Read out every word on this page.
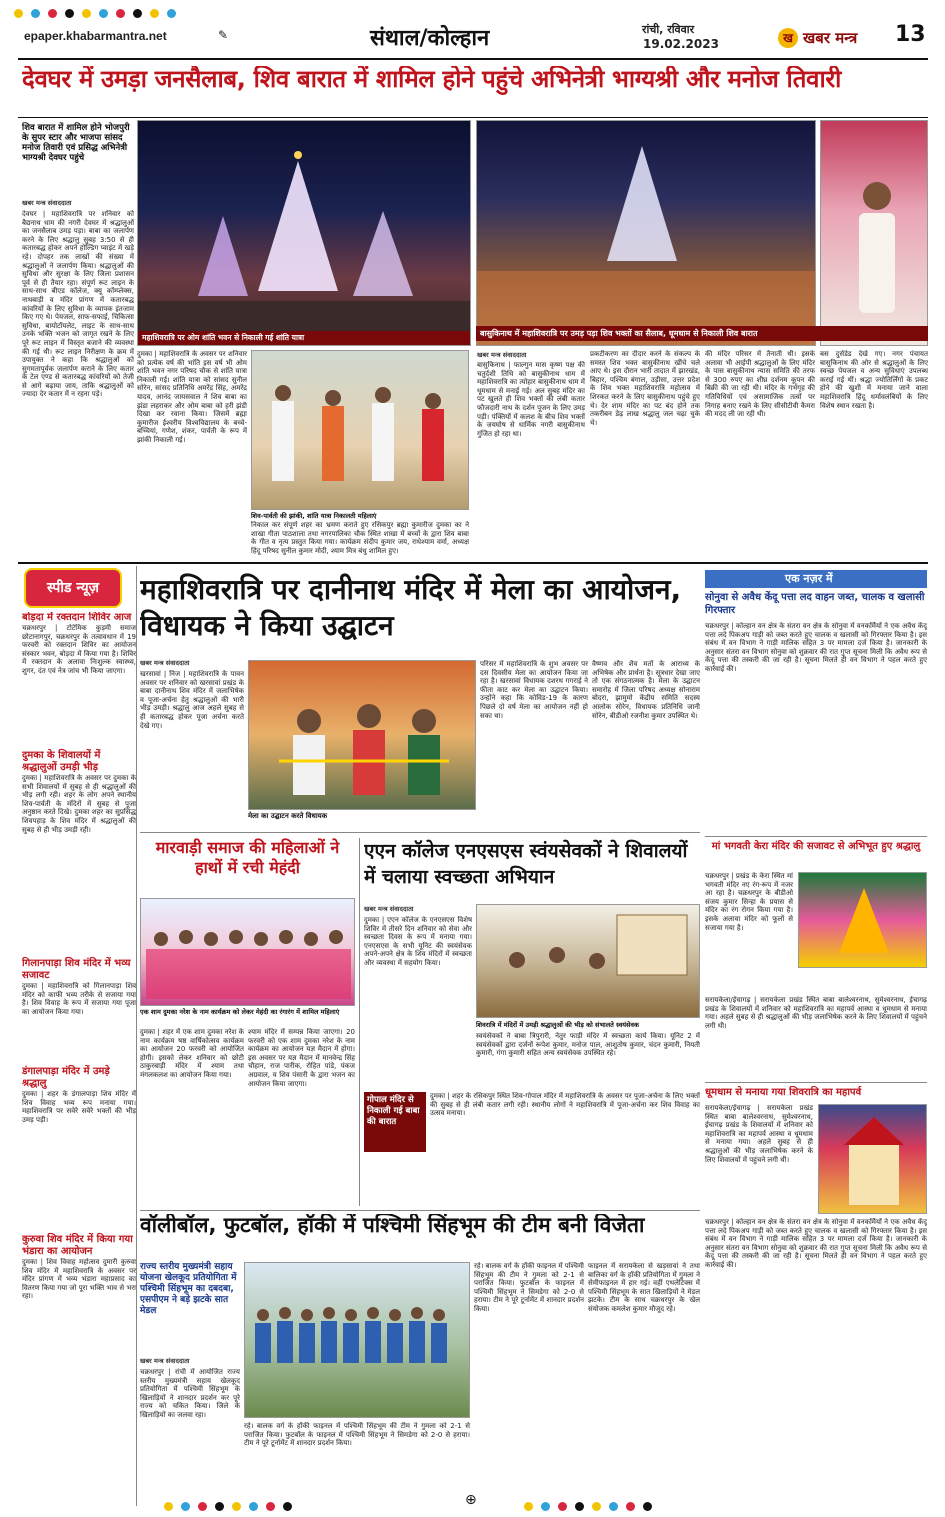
epaper.khabarmantra.net	✎	संथाल/कोल्हान	रांची, रविवार
19.02.2023	ख खबर मन्त्र 13
देवघर में उमड़ा जनसैलाब, शिव बारात में शामिल होने पहुंचे अभिनेत्री भाग्यश्री और मनोज तिवारी
शिव बारात में शामिल होने भोजपुरी के सुपर स्टार और भाजपा सांसद मनोज तिवारी एवं प्रसिद्ध अभिनेत्री भाग्यश्री देवघर पहुंचे
खबर मन्त्र संवाददाता
देवघर | महाशिवरात्रि पर शनिवार को बैद्यनाथ धाम की नगरी देवघर में श्रद्धालुओं का जनसैलाब उमड़ पड़ा। बाबा का जलार्पण करने के लिए श्रद्धालु सुबह 3:50 से ही कतारबद्ध होकर अपने होल्डिंग प्वाइंट में खड़े रहे। दोपहर तक लाखों की संख्या में श्रद्धालुओं ने जलार्पण किया। श्रद्धालुओं की सुविधा और सुरक्षा के लिए जिला प्रशासन पूर्व से ही तैयार रहा। संपूर्ण रूट लाइन के साथ-साथ बीएड कॉलेज, क्यू कॉम्प्लेक्स, नाथबाड़ी व मंदिर प्रांगण में कतारबद्ध कांवरियों के लिए सुविधा के व्यापक इंतजाम किए गए थे। पेयजल, साफ-सफाई, चिकित्सा सुविधा, बायोटॉयलेट, लाइट के साथ-साथ उनके भक्ति भजन को जागृत रखने के लिए पूरे रूट लाइन में विस्तृत बजाने की व्यवस्था की गई थी। रूट लाइन निरीक्षण के क्रम में उपायुक्त ने कहा कि श्रद्धालुओं को सुगमतापूर्वक जलार्पण कराने के लिए कतार के टेल एण्ड से कतारबद्ध कांवरियों को तेजी से आगे बढ़ाया जाय, ताकि श्रद्धालुओं को ज्यादा देर कतार में न रहना पड़े।
महाशिवरात्रि पर ओम शांति भवन से निकाली गई शांति यात्रा	बासुकिनाथ में महाशिवरात्रि पर उमड़ पड़ा शिव भक्तों का सैलाब, धूमधाम से निकाली शिव बारात
खबर मन्त्र संवाददाता
दुमका | महाशिवरात्रि के अवसर पर शनिवार को प्रत्येक वर्ष की भांति इस वर्ष भी ओम शांति भवन नगर परिषद चौक से शांति यात्रा निकाली गई। शांति यात्रा को सांसद सुनील सोरेन, सांसद प्रतिनिधि अमरेंद्र सिंह, अमरेंद्र यादव, आनंद जायसवाल ने शिव बाबा का झंडा लहराकर और ओम बाबा को हरी झंडी दिखा कर रवाना किया। जिसमें ब्रह्मा कुमारीज ईश्वरीय विश्वविद्यालय के बच्चे-बच्चियां, गणेश, शंकर, पार्वती के रूप में झांकी निकाली गई।
शिव-पार्वती की झांकी, शांति यात्रा निकालती महिलाएं
निकाल कर संपूर्ण शहर का भ्रमण कराते हुए रसिकपुर ब्रह्मा कुमारीज दुमका का ने शाखा गीता पाठशाला तथा नगरपालिका चौक स्थित शाखा में बच्चों के द्वारा शिव बाबा के गीत व नृत्य प्रस्तुत किया गया। कार्यक्रम संदीप कुमार जय, राधेश्याम वर्मा, अध्यक्ष हिंदू परिषद सुनील कुमार मोदी, श्याम मित्र बंधु शामिल हुए।
बासुकिनाथ | फाल्गुन मास कृष्ण पक्ष की चतुर्दशी तिथि को बासुकीनाथ धाम में महाशिवरात्रि का त्योहार बासुकीनाथ धाम में धूमधाम से मनाई गई। अल सुबह मंदिर का पट खुलते ही शिव भक्तों की लंबी कतार फौजदारी नाथ के दर्शन पूजन के लिए उमड़ पड़ी। पंक्तियों में कलश के बीच शिव भक्तों के जयघोष से धार्मिक नगरी बासुकीनाथ गुंजित हो रहा था।
प्रकटीकरण का दीदार करने के संकल्प के समस्त शिव भक्त बासुकीनाथ खींचे चले आए थे। इस दौरान भारी तादात में झारखंड, बिहार, पश्चिम बंगाल, उड़ीसा, उत्तर प्रदेश के शिव भक्त महाशिवरात्रि महोत्सव में शिरकत करने के लिए बासुकीनाथ पहुंचे हुए थे। देर शाम मंदिर का पट बंद होने तक तकरीबन डेढ़ लाख श्रद्धालु जल चढ़ा चुके थे।
की मंदिर परिसर में तैनाती थी। इसके अलावा भी आईपी श्रद्धालुओं के लिए मंदिर के पास बासुकीनाथ न्यास समिति की तरफ से 300 रुपए का शीघ्र दर्शनम कूपन की बिक्री की जा रही थी। मंदिर के गर्भगृह की गतिविधियों एवं असामाजिक तत्वों पर निगाह बनाए रखने के लिए सीसीटीवी कैमरा की मदद ली जा रही थी।
बस दुर्सडेड देखे गए। नगर पंचायत बासुकिनाथ की ओर से श्रद्धालुओं के लिए स्वच्छ पेयजल व अन्य सुविधाएं उपलब्ध कराई गई थीं। श्रद्धा ज्योतिर्लिंगों के प्रकट होने की खुशी में मनाया जाने वाला महाशिवरात्रि हिंदू धर्मावलंबियों के लिए विशेष स्थान रखता है।
स्पीड न्यूज़
बोड़दा में रक्तदान शिविर आज
चक्रधरपुर | टोटेमिक कुड़मी समाज छोटानागपुर, चक्रधरपुर के तत्वावधान में 19 फरवरी को रक्तदान शिविर का आयोजन संस्कार भवन, बोड़दा में किया गया है। शिविर में रक्तदान के अलावा निःशुल्क स्वास्थ्य, शुगर, दंत एवं नेत्र जांच भी किया जाएगा।
दुमका के शिवालयों में श्रद्धालुओं उमड़ी भीड़
दुमका | महाशिवरात्रि के अवसर पर दुमका के सभी शिवालयों में सुबह से ही श्रद्धालुओं की भीड़ लगी रही। शहर के लोग अपने स्थानीय शिव-पार्वती के मंदिरों में सुबह से पूजा अनुष्ठान करते दिखे। दुमका शहर का सुप्रसिद्ध शिवपहाड़ के शिव मंदिर में श्रद्धालुओं की सुबह से ही भीड़ उमड़ी रही।
गिलानपाड़ा शिव मंदिर में भव्य सजावट
दुमका | महाशिवरात्रि को गिलानपाड़ा शिव मंदिर को काफी भव्य तरीके से सजाया गया है। शिव विवाह के रूप में सजाया गया पूजा का आयोजन किया गया।
डंगालपाड़ा मंदिर में उमड़े श्रद्धालु
दुमका | शहर के डंगालपाड़ा शिव मंदिर में शिव विवाह भव्य रूप मनाया गया। महाशिवरात्रि पर सवेरे सवेरे भक्तों की भीड़ उमड़ पड़ी।
कुरुवा शिव मंदिर में किया गया भंडारा का आयोजन
दुमका | शिव विवाह महोत्सव दुमारी कुरुवा शिव मंदिर में महाशिवरात्रि के अवसर पर मंदिर प्रांगण में भव्य भंडारा महाप्रसाद का वितरण किया गया जो पूरा भक्ति भाव से भरा रहा।
महाशिवरात्रि पर दानीनाथ मंदिर में मेला का आयोजन, विधायक ने किया उद्घाटन
खबर मन्त्र संवाददाता
खरसावां | निज | महाशिवरात्रि के पावन अवसर पर शनिवार को खरसावां प्रखंड के बाबा दानीनाथ शिव मंदिर में जलाभिषेक व पूजा-अर्चना हेतु श्रद्धालुओं की भारी भीड़ उमड़ी। श्रद्धालु आज अहले सुबह से ही कतारबद्ध होकर पूजा अर्चना करते देखे गए।
मेला का उद्घाटन करते विधायक
परिसर में महाशिवरात्रि के शुभ अवसर पर दस दिवसीय मेला का आयोजन किया जा रहा है। खरसावां विधायक दशरथ गगराई ने फीता काट कर मेला का उद्घाटन किया। उन्होंने कहा कि कोविड-19 के कारण पिछले दो वर्ष मेला का आयोजन नहीं हो सका था।
वैष्णव और शैव मतों के आराध्य के अभिषेक और प्रार्थना है। सूत्रधार देखा जाए तो एक संगठनात्मक है। मेला के उद्घाटन समारोह में जिला परिषद अध्यक्ष सोनाराम बोदरा, झामुमो केंद्रीय समिति सदस्य आलोक सोरेन, विधायक प्रतिनिधि जानी सोरेन, बीडीओ रजनीश कुमार उपस्थित थे।
एक नज़र में
सोनुवा से अवैध केंदू पत्ता लद वाहन जब्त, चालक व खलासी गिरफ्तार
चक्रधरपुर | कोल्हान वन क्षेत्र के संतरा वन क्षेत्र के सोनुवा में वनकर्मियों ने एक अवैध केंदू पत्ता लदे पिकअप गाड़ी को जब्त करते हुए चालक व खलासी को गिरफ्तार किया है। इस संबंध में वन विभाग ने गाड़ी मालिक सहित 3 पर मामला दर्ज किया है। जानकारी के अनुसार संतरा वन विभाग सोनुवा को शुक्रवार की रात गुप्त सूचना मिली कि अवैध रूप से केंदू पत्ता की तस्करी की जा रही है। सूचना मिलते ही वन विभाग ने पहल करते हुए कार्रवाई की।
मां भगवती केरा मंदिर की सजावट से अभिभूत हुए श्रद्धालु
चक्रधरपुर | प्रखंड के केरा स्थित मां भगवती मंदिर नए रंग-रूप में नजर आ रहा है। चक्रधरपुर के बीडीओ संजय कुमार सिन्हा के प्रयास से मंदिर का रंग रोगन किया गया है। इसके अलावा मंदिर को फूलों से सजाया गया है।
सरायकेला/ईचागढ़ | सरायकेला प्रखंड स्थित बाबा बालेश्वरनाथ, सुमेश्वरनाथ, ईचागढ़ प्रखंड के शिवालयों में शनिवार को महाशिवरात्रि का महापर्व आस्था व धूमधाम से मनाया गया। अहले सुबह से ही श्रद्धालुओं की भीड़ जलाभिषेक करने के लिए शिवालयों में पहुंचने लगी थी।
धूमधाम से मनाया गया शिवरात्रि का महापर्व
सरायकेला/ईचागढ़ | सरायकेला प्रखंड स्थित बाबा बालेश्वरनाथ, सुमेश्वरनाथ, ईचागढ़ प्रखंड के शिवालयों में शनिवार को महाशिवरात्रि का महापर्व आस्था व धूमधाम से मनाया गया। अहले सुबह से ही श्रद्धालुओं की भीड़ जलाभिषेक करने के लिए शिवालयों में पहुंचने लगी थी।
चक्रधरपुर | कोल्हान वन क्षेत्र के संतरा वन क्षेत्र के सोनुवा में वनकर्मियों ने एक अवैध केंदू पत्ता लदे पिकअप गाड़ी को जब्त करते हुए चालक व खलासी को गिरफ्तार किया है। इस संबंध में वन विभाग ने गाड़ी मालिक सहित 3 पर मामला दर्ज किया है। जानकारी के अनुसार संतरा वन विभाग सोनुवा को शुक्रवार की रात गुप्त सूचना मिली कि अवैध रूप से केंदू पत्ता की तस्करी की जा रही है। सूचना मिलते ही वन विभाग ने पहल करते हुए कार्रवाई की।
मारवाड़ी समाज की महिलाओं ने हाथों में रची मेहंदी
एक शाम दुमका नरेश के नाम कार्यक्रम को लेकर मेहंदी का रंगारंग में शामिल महिलाएं
दुमका | शहर में एक शाम दुमका नरेश के नाम कार्यक्रम षष्ठ वार्षिकोत्सव कार्यक्रम का आयोजन 20 फरवरी को आयोजित होगी। इसको लेकर शनिवार को छोटी ठाकुरबाड़ी मंदिर में श्याम तथा मंगलकलश का आयोजन किया गया।
श्याम मंदिर में सम्पन्न किया जाएगा। 20 फरवरी को एक शाम दुमका नरेश के नाम कार्यक्रम का आयोजन यज्ञ मैदान में होगा। इस अवसर पर यज्ञ मैदान में मानवेन्द्र सिंह चौहान, राज पारीक, रोहित पांडे, पंकज अग्रवाल, य शिव पंसारी के द्वारा भजन का आयोजन किया जाएगा।
एएन कॉलेज एनएसएस स्वंयसेवकों ने शिवालयों में चलाया स्वच्छता अभियान
खबर मन्त्र संवाददाता
दुमका | एएन कॉलेज के एनएसएस विशेष शिविर में तीसरे दिन शनिवार को सेवा और स्वच्छता दिवस के रूप में मनाया गया। एनएसएस के सभी यूनिट की स्वयंसेवक अपने-अपने क्षेत्र के शिव मंदिरों में स्वच्छता और व्यवस्था में सहयोग किया।
शिवरात्रि में मंदिरों में उमड़ी श्रद्धालुओं की भीड़ को संभालते स्वयंसेवक
स्वयंसेवकों ने बाबा त्रिपुरारी, नेतुर फाड़ी मंदिर में स्वच्छता कार्य किया। यूनिट 2 में स्वयंसेवकों द्वारा दर्जनों रूपेश कुमार, मनोज पाल, आशुतोष कुमार, चंदन कुमारी, नियती कुमारी, गंगा कुमारी सहित अन्य स्वयंसेवक उपस्थित रहे।
गोपाल मंदिर से निकाली गई बाबा की बारात
दुमका | शहर के रसिकपुर स्थित शिव-गोपाल मंदिर में महाशिवरात्रि के अवसर पर पूजा-अर्चना के लिए भक्तों की सुबह से ही लंबी कतार लगी रही। स्थानीय लोगों ने महाशिवरात्रि में पूजा-अर्चना कर शिव विवाह का उत्सव मनाया।
वॉलीबॉल, फुटबॉल, हॉकी में पश्चिमी सिंहभूम की टीम बनी विजेता
राज्य स्तरीय मुख्यमंत्री सहाय योजना खेलकूद प्रतियोगिता में पश्चिमी सिंहभूम का दबदबा, एसपीएम ने बड़े झटके सात मेडल
खबर मन्त्र संवाददाता
चक्रधरपुर | रांची में आयोजित राज्य स्तरीय मुख्यमंत्री सहाय खेलकूद प्रतियोगिता में पश्चिमी सिंहभूम के खिलाड़ियों ने शानदार प्रदर्शन कर पूरे राज्य को चकित किया। जिले के खिलाड़ियों का जलवा रहा।
रहे। बालक वर्ग के हॉकी फाइनल में पश्चिमी सिंहभूम की टीम ने गुमला को 2-1 से पराजित किया। फुटबॉल के फाइनल में पश्चिमी सिंहभूम ने सिमडेगा को 2-0 से हराया। टीम ने पूरे टूर्नामेंट में शानदार प्रदर्शन किया।
रहे। बालक वर्ग के हॉकी फाइनल में पश्चिमी सिंहभूम की टीम ने गुमला को 2-1 से पराजित किया। फुटबॉल के फाइनल में पश्चिमी सिंहभूम ने सिमडेगा को 2-0 से हराया। टीम ने पूरे टूर्नामेंट में शानदार प्रदर्शन किया।
फाइनल में सरायकेला से खड़सावां ने तथा बालिका वर्ग के हॉकी प्रतियोगिता में गुमला ने सेमीफाइनल में हार गई। वहीं एथलेटिक्स में पश्चिमी सिंहभूम के सात खिलाड़ियों ने मेडल झटके। टीम के साथ चक्रधरपुर के खेल संयोजक कमलेश कुमार मौजूद रहे।
⊕
